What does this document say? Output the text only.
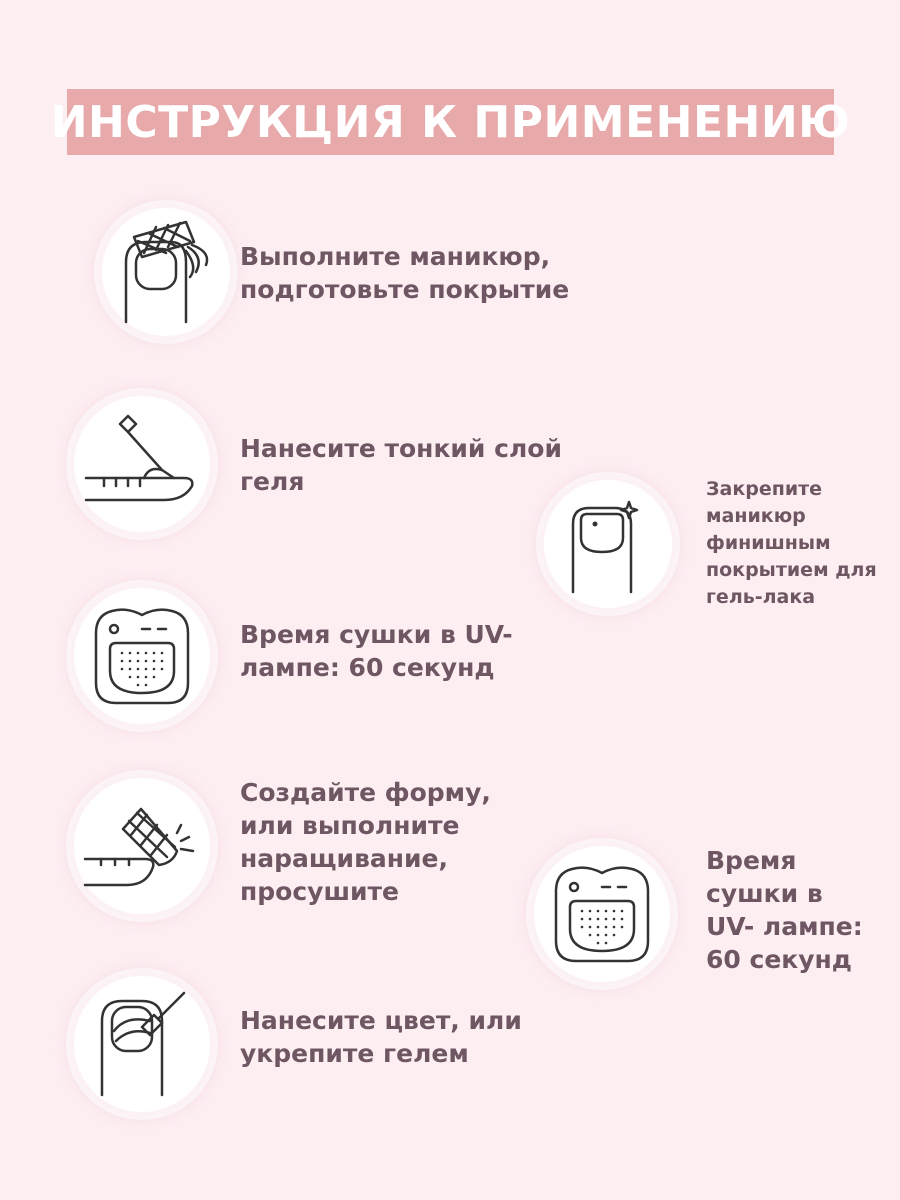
ИНСТРУКЦИЯ К ПРИМЕНЕНИЮ
Выполните маникюр, подготовьте покрытие
Нанесите тонкий слой геля
Время сушки в UV-лампе: 60 секунд
Создайте форму, или выполните наращивание, просушите
Нанесите цвет, или укрепите гелем
Закрепите маникюр финишным покрытием для гель-лака
Время сушки в UV- лампе: 60 секунд
